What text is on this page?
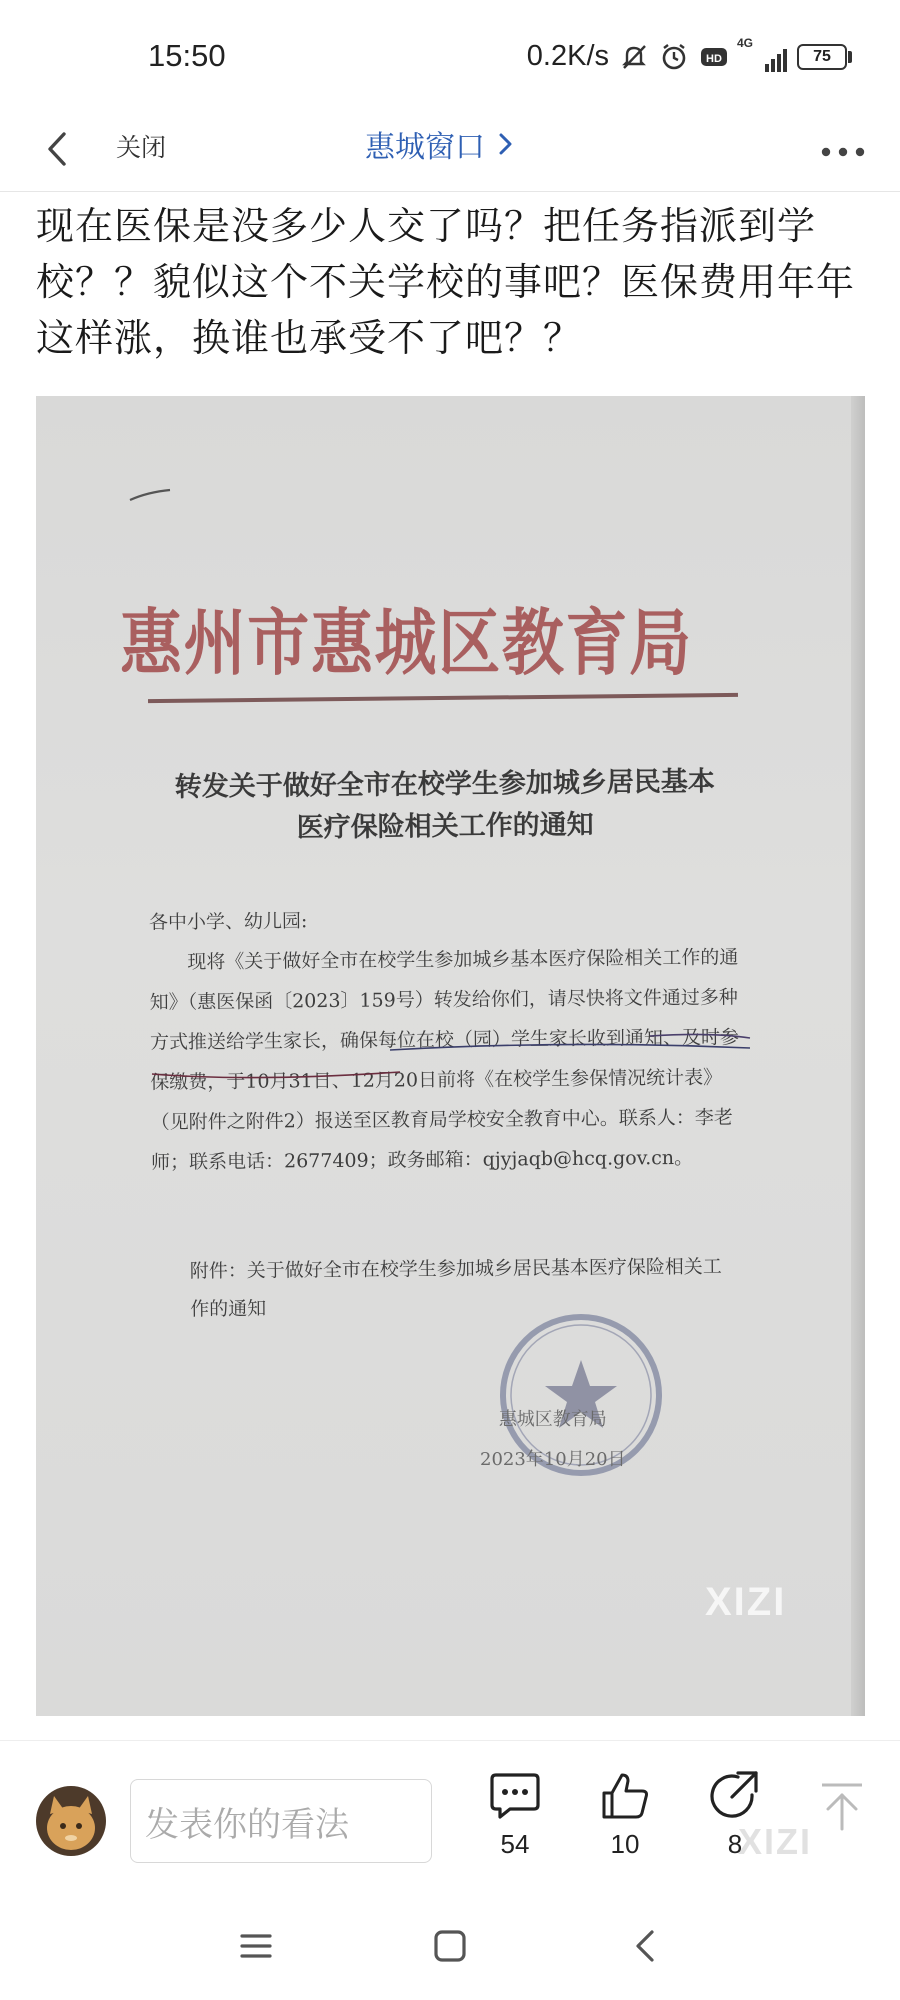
15:50	0.2K/s	HD
4G
75
关闭	惠城窗口
现在医保是没多少人交了吗？把任务指派到学校？？貌似这个不关学校的事吧？医保费用年年这样涨，换谁也承受不了吧？？
惠州市惠城区教育局
转发关于做好全市在校学生参加城乡居民基本
医疗保险相关工作的通知
各中小学、幼儿园:
现将《关于做好全市在校学生参加城乡基本医疗保险相关工作的通知》（惠医保函〔2023〕159号）转发给你们，请尽快将文件通过多种方式推送给学生家长，确保每位在校（园）学生家长收到通知、及时参保缴费，于10月31日、12月20日前将《在校学生参保情况统计表》（见附件之附件2）报送至区教育局学校安全教育中心。联系人：李老师；联系电话：2677409；政务邮箱：qjyjaqb@hcq.gov.cn。
附件：关于做好全市在校学生参加城乡居民基本医疗保险相关工作的通知
惠城区教育局
2023年10月20日
XIZI
发表你的看法	54	10	8
XIZI
